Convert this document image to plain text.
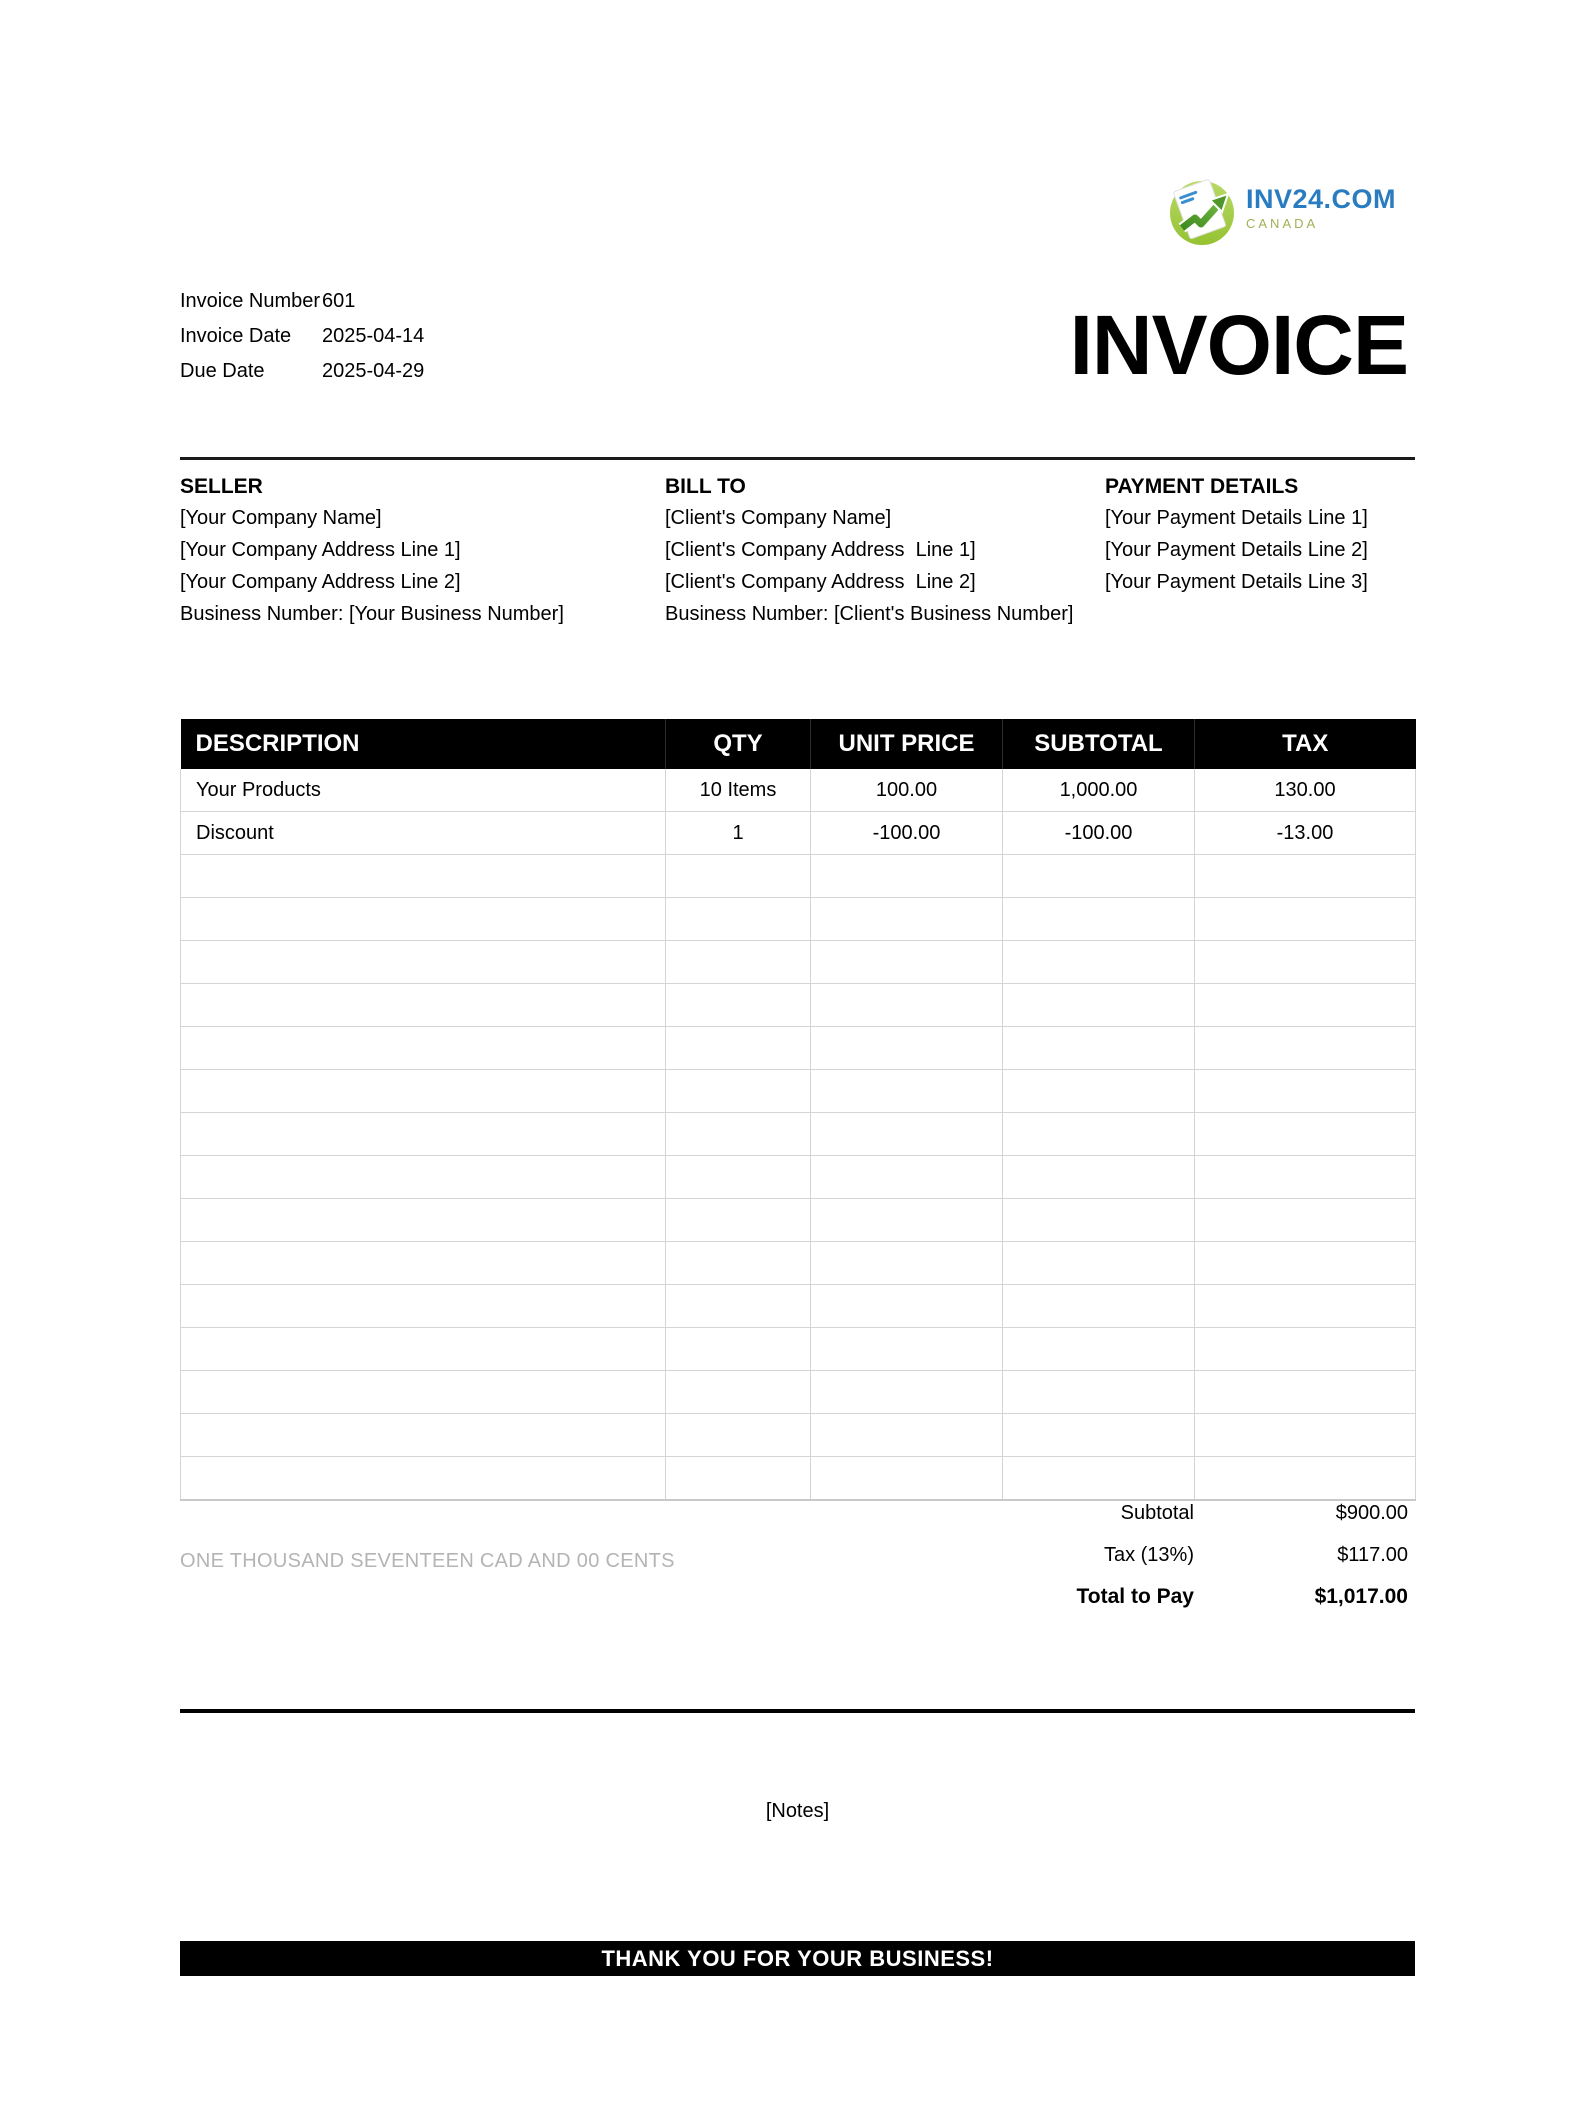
INV24.COM
CANADA
Invoice Number 601
Invoice Date	2025-04-14
Due Date	2025-04-29	INVOICE
SELLER
[Your Company Name]
[Your Company Address Line 1]
[Your Company Address Line 2]
Business Number: [Your Business Number]
BILL TO
[Client's Company Name]
[Client's Company Address  Line 1]
[Client's Company Address  Line 2]
Business Number: [Client's Business Number]
PAYMENT DETAILS
[Your Payment Details Line 1]
[Your Payment Details Line 2]
[Your Payment Details Line 3]
DESCRIPTION	QTY	UNIT PRICE	SUBTOTAL	TAX
Your Products	10 Items	100.00	1,000.00	130.00
Discount	1	-100.00	-100.00	-13.00

Subtotal	$900.00
Tax (13%)	$117.00
Total to Pay	$1,017.00
ONE THOUSAND SEVENTEEN CAD AND 00 CENTS
[Notes]
THANK YOU FOR YOUR BUSINESS!
